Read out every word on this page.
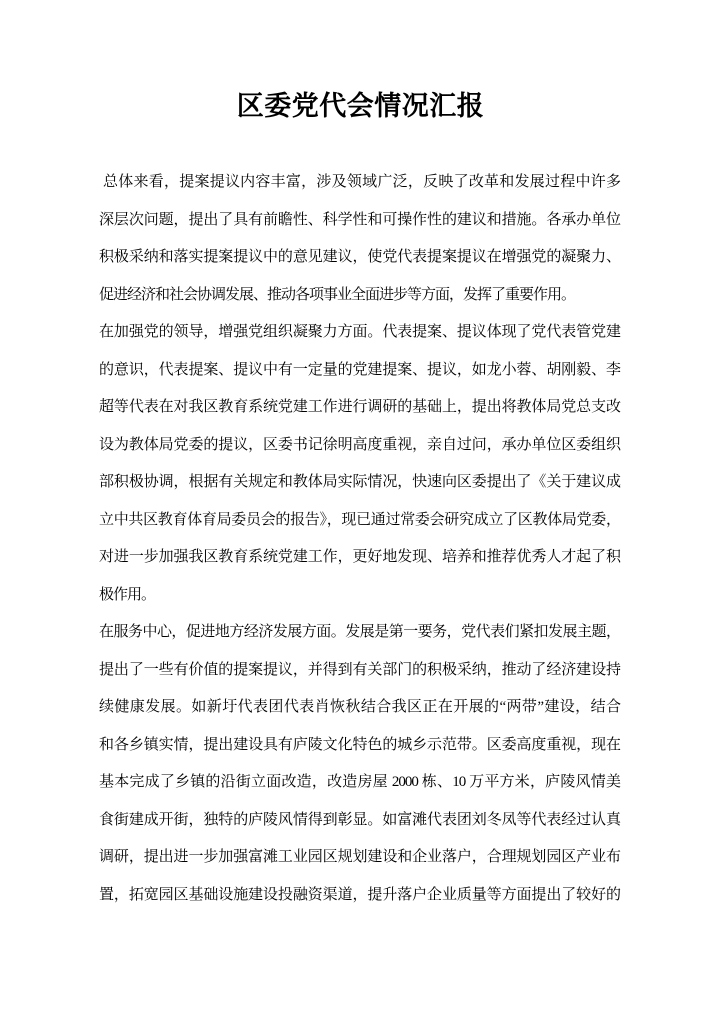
区委党代会情况汇报
总体来看，提案提议内容丰富，涉及领域广泛，反映了改革和发展过程中许多
深层次问题，提出了具有前瞻性、科学性和可操作性的建议和措施。各承办单位
积极采纳和落实提案提议中的意见建议，使党代表提案提议在增强党的凝聚力、
促进经济和社会协调发展、推动各项事业全面进步等方面，发挥了重要作用。
在加强党的领导，增强党组织凝聚力方面。代表提案、提议体现了党代表管党建
的意识，代表提案、提议中有一定量的党建提案、提议，如龙小蓉、胡刚毅、李
超等代表在对我区教育系统党建工作进行调研的基础上，提出将教体局党总支改
设为教体局党委的提议，区委书记徐明高度重视，亲自过问，承办单位区委组织
部积极协调，根据有关规定和教体局实际情况，快速向区委提出了《关于建议成
立中共区教育体育局委员会的报告》，现已通过常委会研究成立了区教体局党委，
对进一步加强我区教育系统党建工作，更好地发现、培养和推荐优秀人才起了积
极作用。
在服务中心，促进地方经济发展方面。发展是第一要务，党代表们紧扣发展主题，
提出了一些有价值的提案提议，并得到有关部门的积极采纳，推动了经济建设持
续健康发展。如新圩代表团代表肖恢秋结合我区正在开展的“两带”建设，结合
和各乡镇实情，提出建设具有庐陵文化特色的城乡示范带。区委高度重视，现在
基本完成了乡镇的沿街立面改造，改造房屋 2000 栋、10 万平方米，庐陵风情美
食街建成开街，独特的庐陵风情得到彰显。如富滩代表团刘冬凤等代表经过认真
调研，提出进一步加强富滩工业园区规划建设和企业落户，合理规划园区产业布
置，拓宽园区基础设施建设投融资渠道，提升落户企业质量等方面提出了较好的
